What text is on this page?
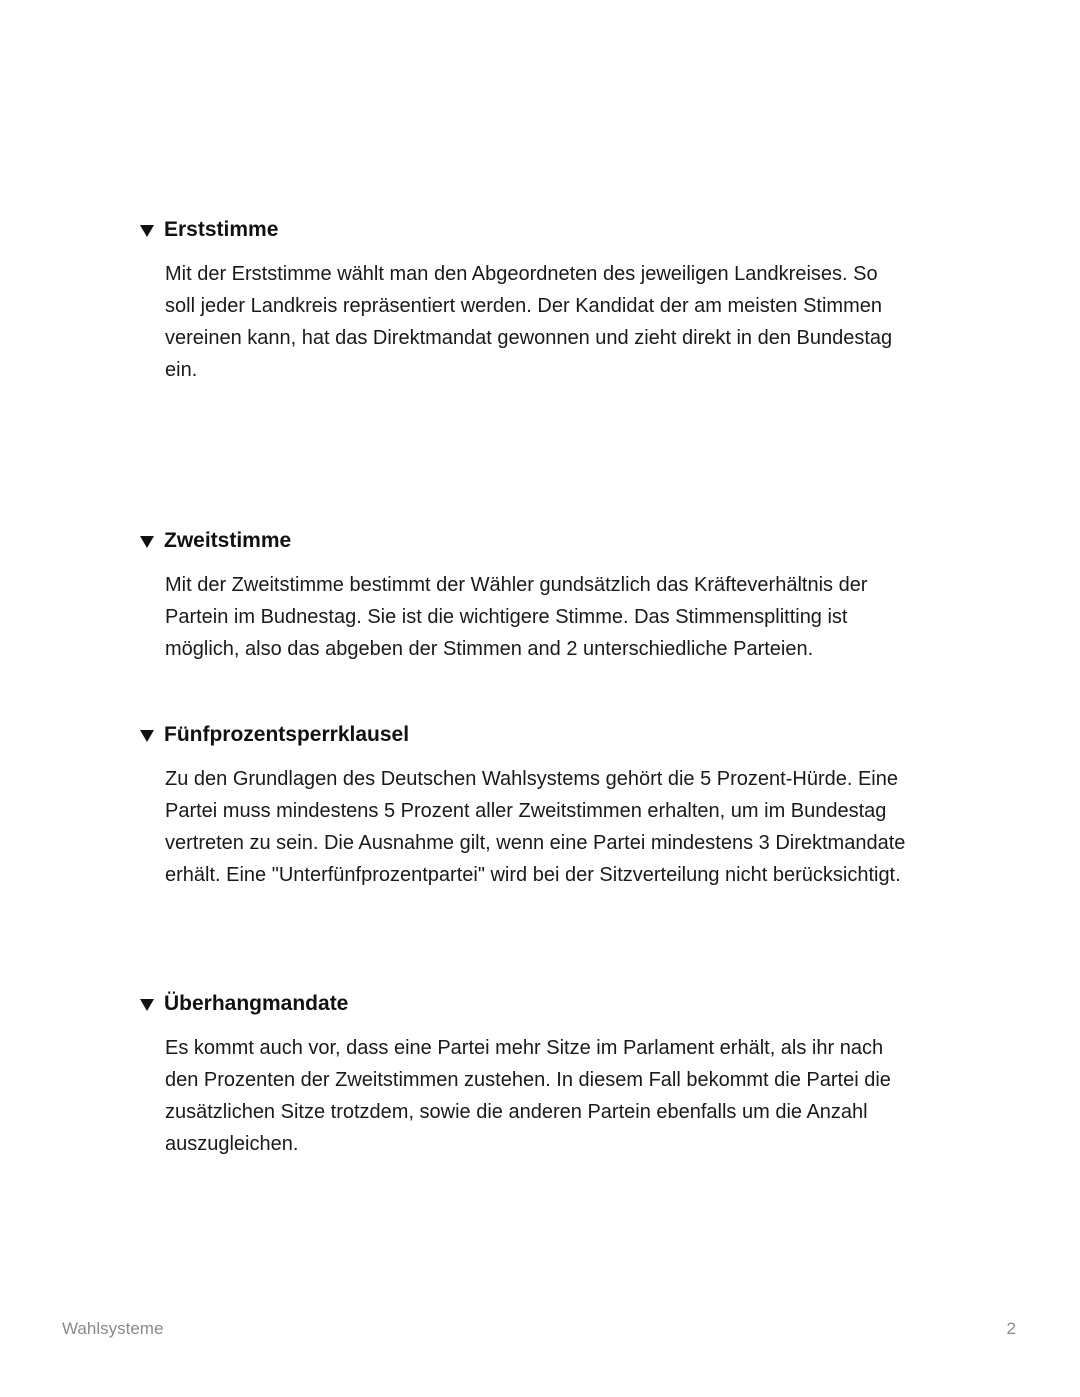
Erststimme
Mit der Erststimme wählt man den Abgeordneten des jeweiligen Landkreises. So
soll jeder Landkreis repräsentiert werden. Der Kandidat der am meisten Stimmen
vereinen kann, hat das Direktmandat gewonnen und zieht direkt in den Bundestag
ein.
Zweitstimme
Mit der Zweitstimme bestimmt der Wähler gundsätzlich das Kräfteverhältnis der
Partein im Budnestag. Sie ist die wichtigere Stimme. Das Stimmensplitting ist
möglich, also das abgeben der Stimmen and 2 unterschiedliche Parteien.
Fünfprozentsperrklausel
Zu den Grundlagen des Deutschen Wahlsystems gehört die 5 Prozent-Hürde. Eine
Partei muss mindestens 5 Prozent aller Zweitstimmen erhalten, um im Bundestag
vertreten zu sein. Die Ausnahme gilt, wenn eine Partei mindestens 3 Direktmandate
erhält. Eine "Unterfünfprozentpartei" wird bei der Sitzverteilung nicht berücksichtigt.
Überhangmandate
Es kommt auch vor, dass eine Partei mehr Sitze im Parlament erhält, als ihr nach
den Prozenten der Zweitstimmen zustehen. In diesem Fall bekommt die Partei die
zusätzlichen Sitze trotzdem, sowie die anderen Partein ebenfalls um die Anzahl
auszugleichen.
Wahlsysteme	2
